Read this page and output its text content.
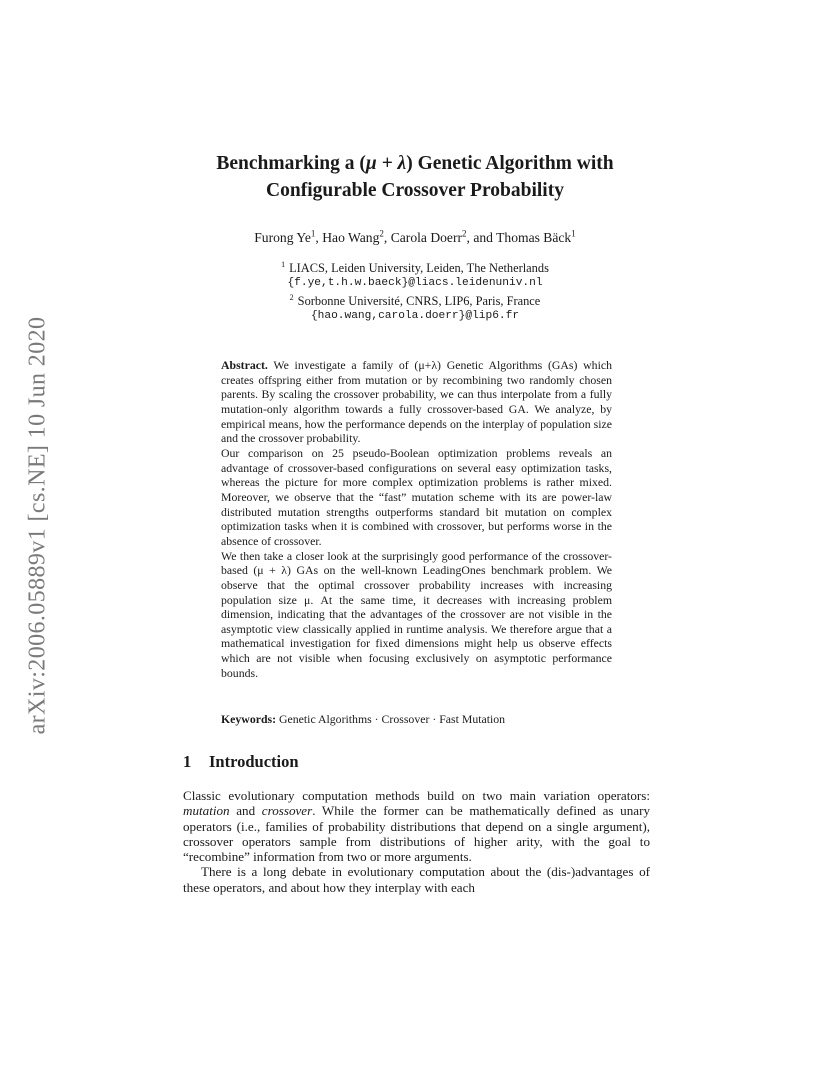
arXiv:2006.05889v1 [cs.NE] 10 Jun 2020
Benchmarking a (μ + λ) Genetic Algorithm with
Configurable Crossover Probability
Furong Ye$^1$, Hao Wang$^2$, Carola Doerr$^2$, and Thomas Bäck$^1$
$^1$ LIACS, Leiden University, Leiden, The Netherlands
{f.ye,t.h.w.baeck}@liacs.leidenuniv.nl
$^2$ Sorbonne Université, CNRS, LIP6, Paris, France
{hao.wang,carola.doerr}@lip6.fr

Abstract. We investigate a family of (μ+λ) Genetic Algorithms (GAs) which creates offspring either from mutation or by recombining two randomly chosen parents. By scaling the crossover probability, we can thus interpolate from a fully mutation-only algorithm towards a fully crossover-based GA. We analyze, by empirical means, how the performance depends on the interplay of population size and the crossover probability.

Our comparison on 25 pseudo-Boolean optimization problems reveals an advantage of crossover-based configurations on several easy optimization tasks, whereas the picture for more complex optimization problems is rather mixed. Moreover, we observe that the “fast” mutation scheme with its are power-law distributed mutation strengths outperforms standard bit mutation on complex optimization tasks when it is combined with crossover, but performs worse in the absence of crossover.

We then take a closer look at the surprisingly good performance of the crossover-based (μ + λ) GAs on the well-known LeadingOnes benchmark problem. We observe that the optimal crossover probability increases with increasing population size μ. At the same time, it decreases with increasing problem dimension, indicating that the advantages of the crossover are not visible in the asymptotic view classically applied in runtime analysis. We therefore argue that a mathematical investigation for fixed dimensions might help us observe effects which are not visible when focusing exclusively on asymptotic performance bounds.

Keywords: Genetic Algorithms · Crossover · Fast Mutation
1 Introduction

Classic evolutionary computation methods build on two main variation operators: mutation and crossover. While the former can be mathematically defined as unary operators (i.e., families of probability distributions that depend on a single argument), crossover operators sample from distributions of higher arity, with the goal to “recombine” information from two or more arguments.

There is a long debate in evolutionary computation about the (dis-)advantages of these operators, and about how they interplay with each
